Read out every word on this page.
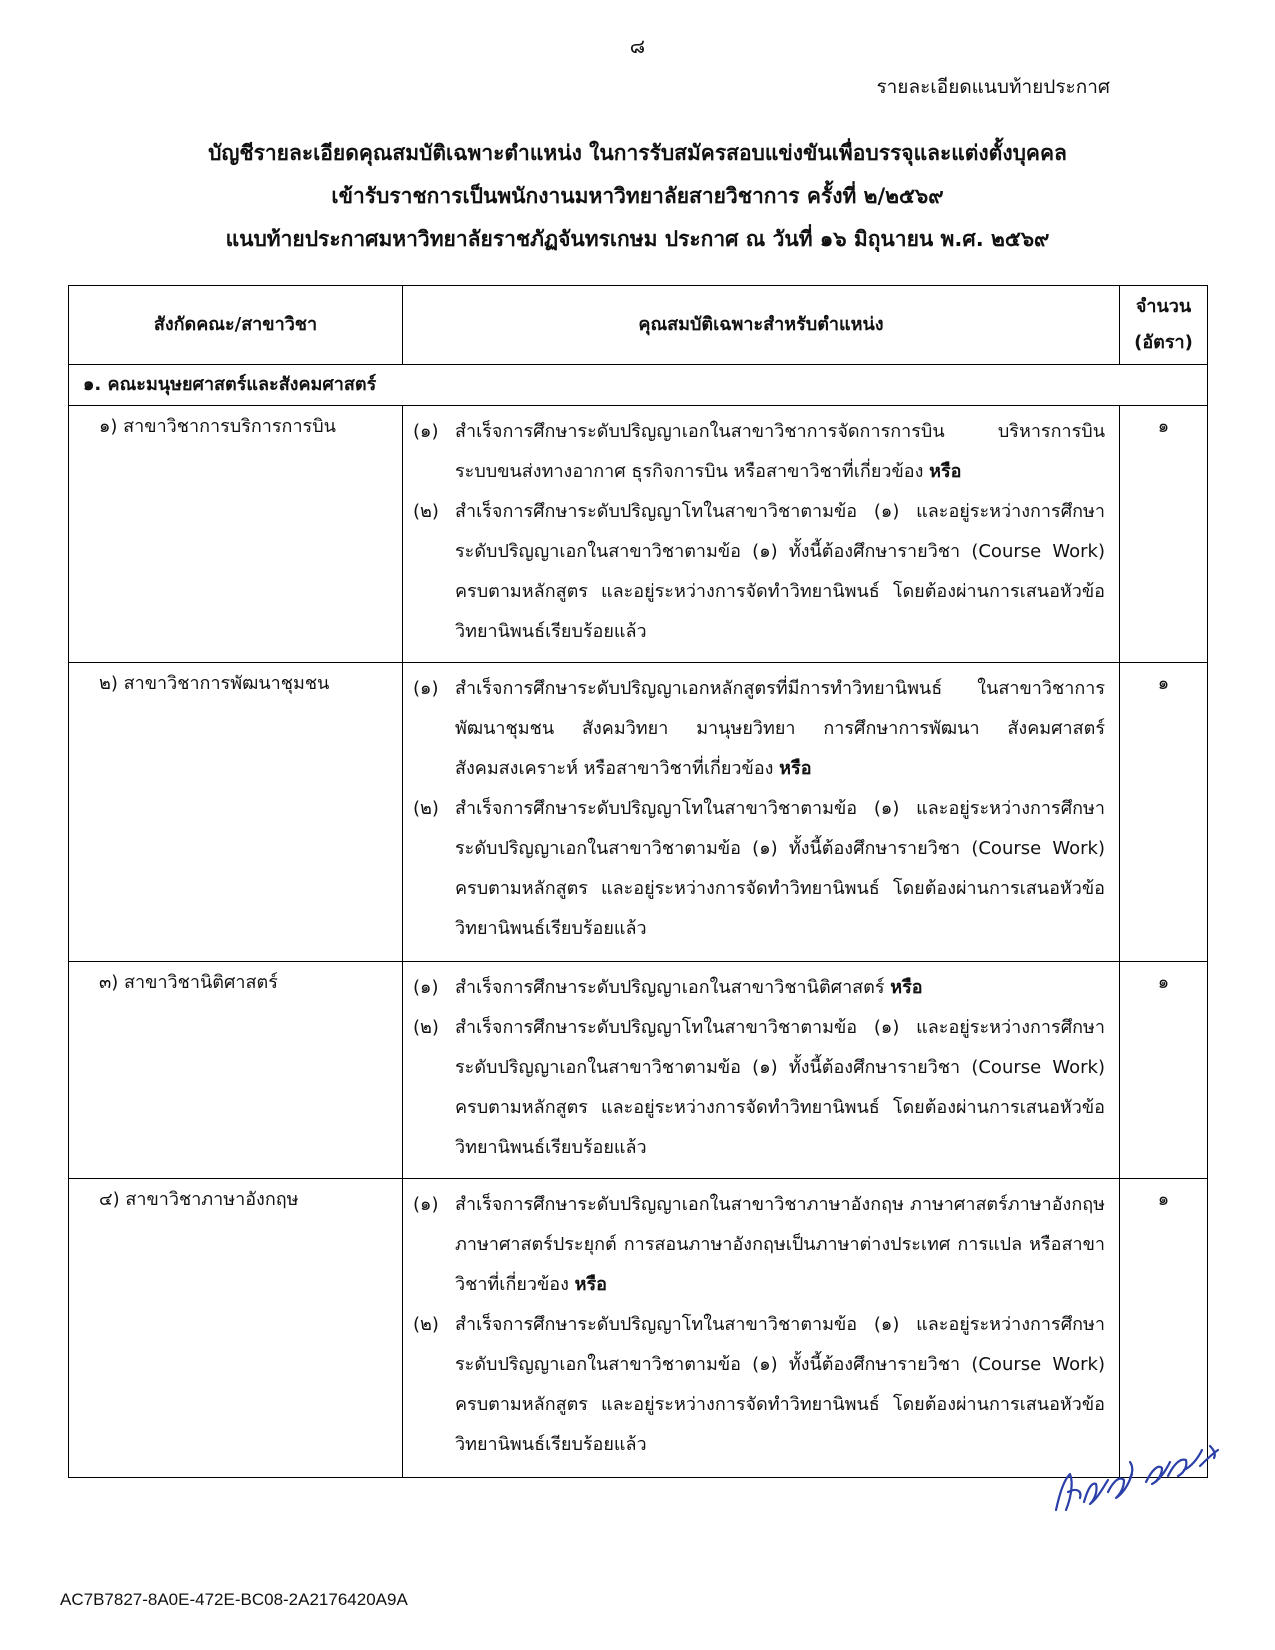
๘
รายละเอียดแนบท้ายประกาศ
บัญชีรายละเอียดคุณสมบัติเฉพาะตำแหน่ง ในการรับสมัครสอบแข่งขันเพื่อบรรจุและแต่งตั้งบุคคล
เข้ารับราชการเป็นพนักงานมหาวิทยาลัยสายวิชาการ ครั้งที่ ๒/๒๕๖๙
แนบท้ายประกาศมหาวิทยาลัยราชภัฏจันทรเกษม ประกาศ ณ วันที่ ๑๖ มิถุนายน พ.ศ. ๒๕๖๙
สังกัดคณะ/สาขาวิชา	คุณสมบัติเฉพาะสำหรับตำแหน่ง	จำนวน
(อัตรา)
๑. คณะมนุษยศาสตร์และสังคมศาสตร์		

๑) สาขาวิชาการบริการการบิน	(๑) สำเร็จการศึกษาระดับปริญญาเอกในสาขาวิชาการจัดการการบิน บริหารการบิน ระบบขนส่งทางอากาศ ธุรกิจการบิน หรือสาขาวิชาที่เกี่ยวข้อง หรือ
(๒) สำเร็จการศึกษาระดับปริญญาโทในสาขาวิชาตามข้อ (๑) และอยู่ระหว่างการศึกษาระดับปริญญาเอกในสาขาวิชาตามข้อ (๑) ทั้งนี้ต้องศึกษารายวิชา (Course Work) ครบตามหลักสูตร และอยู่ระหว่างการจัดทำวิทยานิพนธ์ โดยต้องผ่านการเสนอหัวข้อวิทยานิพนธ์เรียบร้อยแล้ว	๑

๒) สาขาวิชาการพัฒนาชุมชน	(๑) สำเร็จการศึกษาระดับปริญญาเอกหลักสูตรที่มีการทำวิทยานิพนธ์ ในสาขาวิชาการพัฒนาชุมชน สังคมวิทยา มานุษยวิทยา การศึกษาการพัฒนา สังคมศาสตร์ สังคมสงเคราะห์ หรือสาขาวิชาที่เกี่ยวข้อง หรือ
(๒) สำเร็จการศึกษาระดับปริญญาโทในสาขาวิชาตามข้อ (๑) และอยู่ระหว่างการศึกษาระดับปริญญาเอกในสาขาวิชาตามข้อ (๑) ทั้งนี้ต้องศึกษารายวิชา (Course Work) ครบตามหลักสูตร และอยู่ระหว่างการจัดทำวิทยานิพนธ์ โดยต้องผ่านการเสนอหัวข้อวิทยานิพนธ์เรียบร้อยแล้ว	๑

๓) สาขาวิชานิติศาสตร์	(๑) สำเร็จการศึกษาระดับปริญญาเอกในสาขาวิชานิติศาสตร์ หรือ
(๒) สำเร็จการศึกษาระดับปริญญาโทในสาขาวิชาตามข้อ (๑) และอยู่ระหว่างการศึกษาระดับปริญญาเอกในสาขาวิชาตามข้อ (๑) ทั้งนี้ต้องศึกษารายวิชา (Course Work) ครบตามหลักสูตร และอยู่ระหว่างการจัดทำวิทยานิพนธ์ โดยต้องผ่านการเสนอหัวข้อวิทยานิพนธ์เรียบร้อยแล้ว	๑

๔) สาขาวิชาภาษาอังกฤษ	(๑) สำเร็จการศึกษาระดับปริญญาเอกในสาขาวิชาภาษาอังกฤษ ภาษาศาสตร์ภาษาอังกฤษ ภาษาศาสตร์ประยุกต์ การสอนภาษาอังกฤษเป็นภาษาต่างประเทศ การแปล หรือสาขาวิชาที่เกี่ยวข้อง หรือ
(๒) สำเร็จการศึกษาระดับปริญญาโทในสาขาวิชาตามข้อ (๑) และอยู่ระหว่างการศึกษาระดับปริญญาเอกในสาขาวิชาตามข้อ (๑) ทั้งนี้ต้องศึกษารายวิชา (Course Work) ครบตามหลักสูตร และอยู่ระหว่างการจัดทำวิทยานิพนธ์ โดยต้องผ่านการเสนอหัวข้อวิทยานิพนธ์เรียบร้อยแล้ว	๑
AC7B7827-8A0E-472E-BC08-2A2176420A9A
